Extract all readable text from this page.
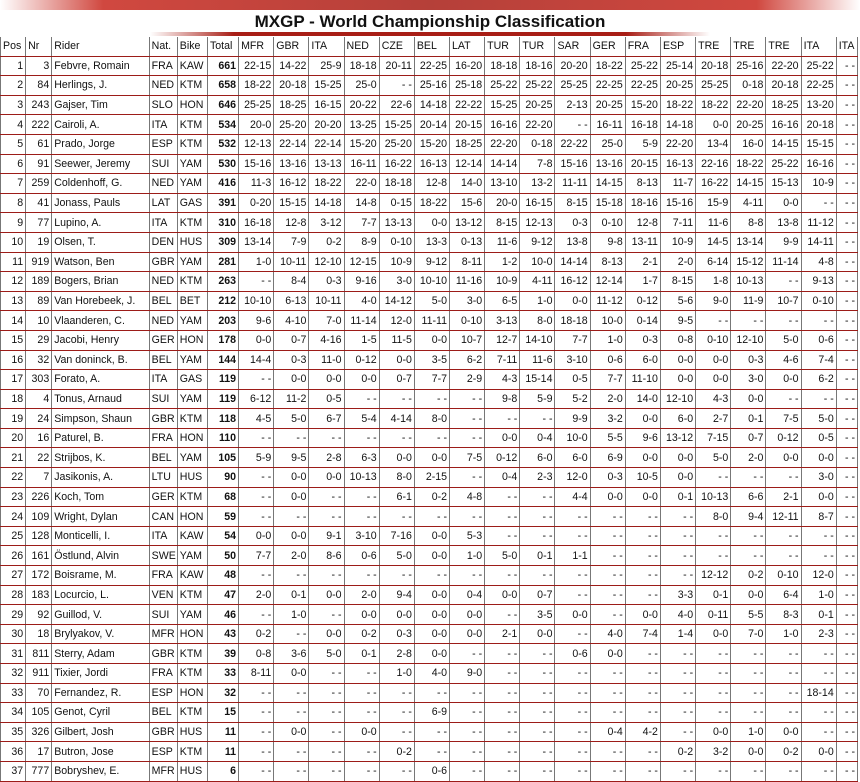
MXGP - World Championship Classification
Pos	Nr	Rider	Nat.	Bike	Total	MFR	GBR	ITA	NED	CZE	BEL	LAT	TUR	TUR	SAR	GER	FRA	ESP	TRE	TRE	TRE	ITA	ITA
1	3	Febvre, Romain	FRA	KAW	661	22-15	14-22	25-9	18-18	20-11	22-25	16-20	18-18	18-16	20-20	18-22	25-22	25-14	20-18	25-16	22-20	25-22	- -
2	84	Herlings, J.	NED	KTM	658	18-22	20-18	15-25	25-0	- -	25-16	25-18	25-22	25-22	25-25	22-25	22-25	20-25	25-25	0-18	20-18	22-25	- -
3	243	Gajser, Tim	SLO	HON	646	25-25	18-25	16-15	20-22	22-6	14-18	22-22	15-25	20-25	2-13	20-25	15-20	18-22	18-22	22-20	18-25	13-20	- -
4	222	Cairoli, A.	ITA	KTM	534	20-0	25-20	20-20	13-25	15-25	20-14	20-15	16-16	22-20	- -	16-11	16-18	14-18	0-0	20-25	16-16	20-18	- -
5	61	Prado, Jorge	ESP	KTM	532	12-13	22-14	22-14	15-20	25-20	15-20	18-25	22-20	0-18	22-22	25-0	5-9	22-20	13-4	16-0	14-15	15-15	- -
6	91	Seewer, Jeremy	SUI	YAM	530	15-16	13-16	13-13	16-11	16-22	16-13	12-14	14-14	7-8	15-16	13-16	20-15	16-13	22-16	18-22	25-22	16-16	- -
7	259	Coldenhoff, G.	NED	YAM	416	11-3	16-12	18-22	22-0	18-18	12-8	14-0	13-10	13-2	11-11	14-15	8-13	11-7	16-22	14-15	15-13	10-9	- -
8	41	Jonass, Pauls	LAT	GAS	391	0-20	15-15	14-18	14-8	0-15	18-22	15-6	20-0	16-15	8-15	15-18	18-16	15-16	15-9	4-11	0-0	- -	- -
9	77	Lupino, A.	ITA	KTM	310	16-18	12-8	3-12	7-7	13-13	0-0	13-12	8-15	12-13	0-3	0-10	12-8	7-11	11-6	8-8	13-8	11-12	- -
10	19	Olsen, T.	DEN	HUS	309	13-14	7-9	0-2	8-9	0-10	13-3	0-13	11-6	9-12	13-8	9-8	13-11	10-9	14-5	13-14	9-9	14-11	- -
11	919	Watson, Ben	GBR	YAM	281	1-0	10-11	12-10	12-15	10-9	9-12	8-11	1-2	10-0	14-14	8-13	2-1	2-0	6-14	15-12	11-14	4-8	- -
12	189	Bogers, Brian	NED	KTM	263	- -	8-4	0-3	9-16	3-0	10-10	11-16	10-9	4-11	16-12	12-14	1-7	8-15	1-8	10-13	- -	9-13	- -
13	89	Van Horebeek, J.	BEL	BET	212	10-10	6-13	10-11	4-0	14-12	5-0	3-0	6-5	1-0	0-0	11-12	0-12	5-6	9-0	11-9	10-7	0-10	- -
14	10	Vlaanderen, C.	NED	YAM	203	9-6	4-10	7-0	11-14	12-0	11-11	0-10	3-13	8-0	18-18	10-0	0-14	9-5	- -	- -	- -	- -	- -
15	29	Jacobi, Henry	GER	HON	178	0-0	0-7	4-16	1-5	11-5	0-0	10-7	12-7	14-10	7-7	1-0	0-3	0-8	0-10	12-10	5-0	0-6	- -
16	32	Van doninck, B.	BEL	YAM	144	14-4	0-3	11-0	0-12	0-0	3-5	6-2	7-11	11-6	3-10	0-6	6-0	0-0	0-0	0-3	4-6	7-4	- -
17	303	Forato, A.	ITA	GAS	119	- -	0-0	0-0	0-0	0-7	7-7	2-9	4-3	15-14	0-5	7-7	11-10	0-0	0-0	3-0	0-0	6-2	- -
18	4	Tonus, Arnaud	SUI	YAM	119	6-12	11-2	0-5	- -	- -	- -	- -	9-8	5-9	5-2	2-0	14-0	12-10	4-3	0-0	- -	- -	- -
19	24	Simpson, Shaun	GBR	KTM	118	4-5	5-0	6-7	5-4	4-14	8-0	- -	- -	- -	9-9	3-2	0-0	6-0	2-7	0-1	7-5	5-0	- -
20	16	Paturel, B.	FRA	HON	110	- -	- -	- -	- -	- -	- -	- -	0-0	0-4	10-0	5-5	9-6	13-12	7-15	0-7	0-12	0-5	- -
21	22	Strijbos, K.	BEL	YAM	105	5-9	9-5	2-8	6-3	0-0	0-0	7-5	0-12	6-0	6-0	6-9	0-0	0-0	5-0	2-0	0-0	0-0	- -
22	7	Jasikonis, A.	LTU	HUS	90	- -	0-0	0-0	10-13	8-0	2-15	- -	0-4	2-3	12-0	0-3	10-5	0-0	- -	- -	- -	3-0	- -
23	226	Koch, Tom	GER	KTM	68	- -	0-0	- -	- -	6-1	0-2	4-8	- -	- -	4-4	0-0	0-0	0-1	10-13	6-6	2-1	0-0	- -
24	109	Wright, Dylan	CAN	HON	59	- -	- -	- -	- -	- -	- -	- -	- -	- -	- -	- -	- -	- -	8-0	9-4	12-11	8-7	- -
25	128	Monticelli, I.	ITA	KAW	54	0-0	0-0	9-1	3-10	7-16	0-0	5-3	- -	- -	- -	- -	- -	- -	- -	- -	- -	- -	- -
26	161	Östlund, Alvin	SWE	YAM	50	7-7	2-0	8-6	0-6	5-0	0-0	1-0	5-0	0-1	1-1	- -	- -	- -	- -	- -	- -	- -	- -
27	172	Boisrame, M.	FRA	KAW	48	- -	- -	- -	- -	- -	- -	- -	- -	- -	- -	- -	- -	- -	12-12	0-2	0-10	12-0	- -
28	183	Locurcio, L.	VEN	KTM	47	2-0	0-1	0-0	2-0	9-4	0-0	0-4	0-0	0-7	- -	- -	- -	3-3	0-1	0-0	6-4	1-0	- -
29	92	Guillod, V.	SUI	YAM	46	- -	1-0	- -	0-0	0-0	0-0	0-0	- -	3-5	0-0	- -	0-0	4-0	0-11	5-5	8-3	0-1	- -
30	18	Brylyakov, V.	MFR	HON	43	0-2	- -	0-0	0-2	0-3	0-0	0-0	2-1	0-0	- -	4-0	7-4	1-4	0-0	7-0	1-0	2-3	- -
31	811	Sterry, Adam	GBR	KTM	39	0-8	3-6	5-0	0-1	2-8	0-0	- -	- -	- -	0-6	0-0	- -	- -	- -	- -	- -	- -	- -
32	911	Tixier, Jordi	FRA	KTM	33	8-11	0-0	- -	- -	1-0	4-0	9-0	- -	- -	- -	- -	- -	- -	- -	- -	- -	- -	- -
33	70	Fernandez, R.	ESP	HON	32	- -	- -	- -	- -	- -	- -	- -	- -	- -	- -	- -	- -	- -	- -	- -	- -	18-14	- -
34	105	Genot, Cyril	BEL	KTM	15	- -	- -	- -	- -	- -	6-9	- -	- -	- -	- -	- -	- -	- -	- -	- -	- -	- -	- -
35	326	Gilbert, Josh	GBR	HUS	11	- -	0-0	- -	0-0	- -	- -	- -	- -	- -	- -	0-4	4-2	- -	0-0	1-0	0-0	- -	- -
36	17	Butron, Jose	ESP	KTM	11	- -	- -	- -	- -	0-2	- -	- -	- -	- -	- -	- -	- -	0-2	3-2	0-0	0-2	0-0	- -
37	777	Bobryshev, E.	MFR	HUS	6	- -	- -	- -	- -	- -	0-6	- -	- -	- -	- -	- -	- -	- -	- -	- -	- -	- -	- -
